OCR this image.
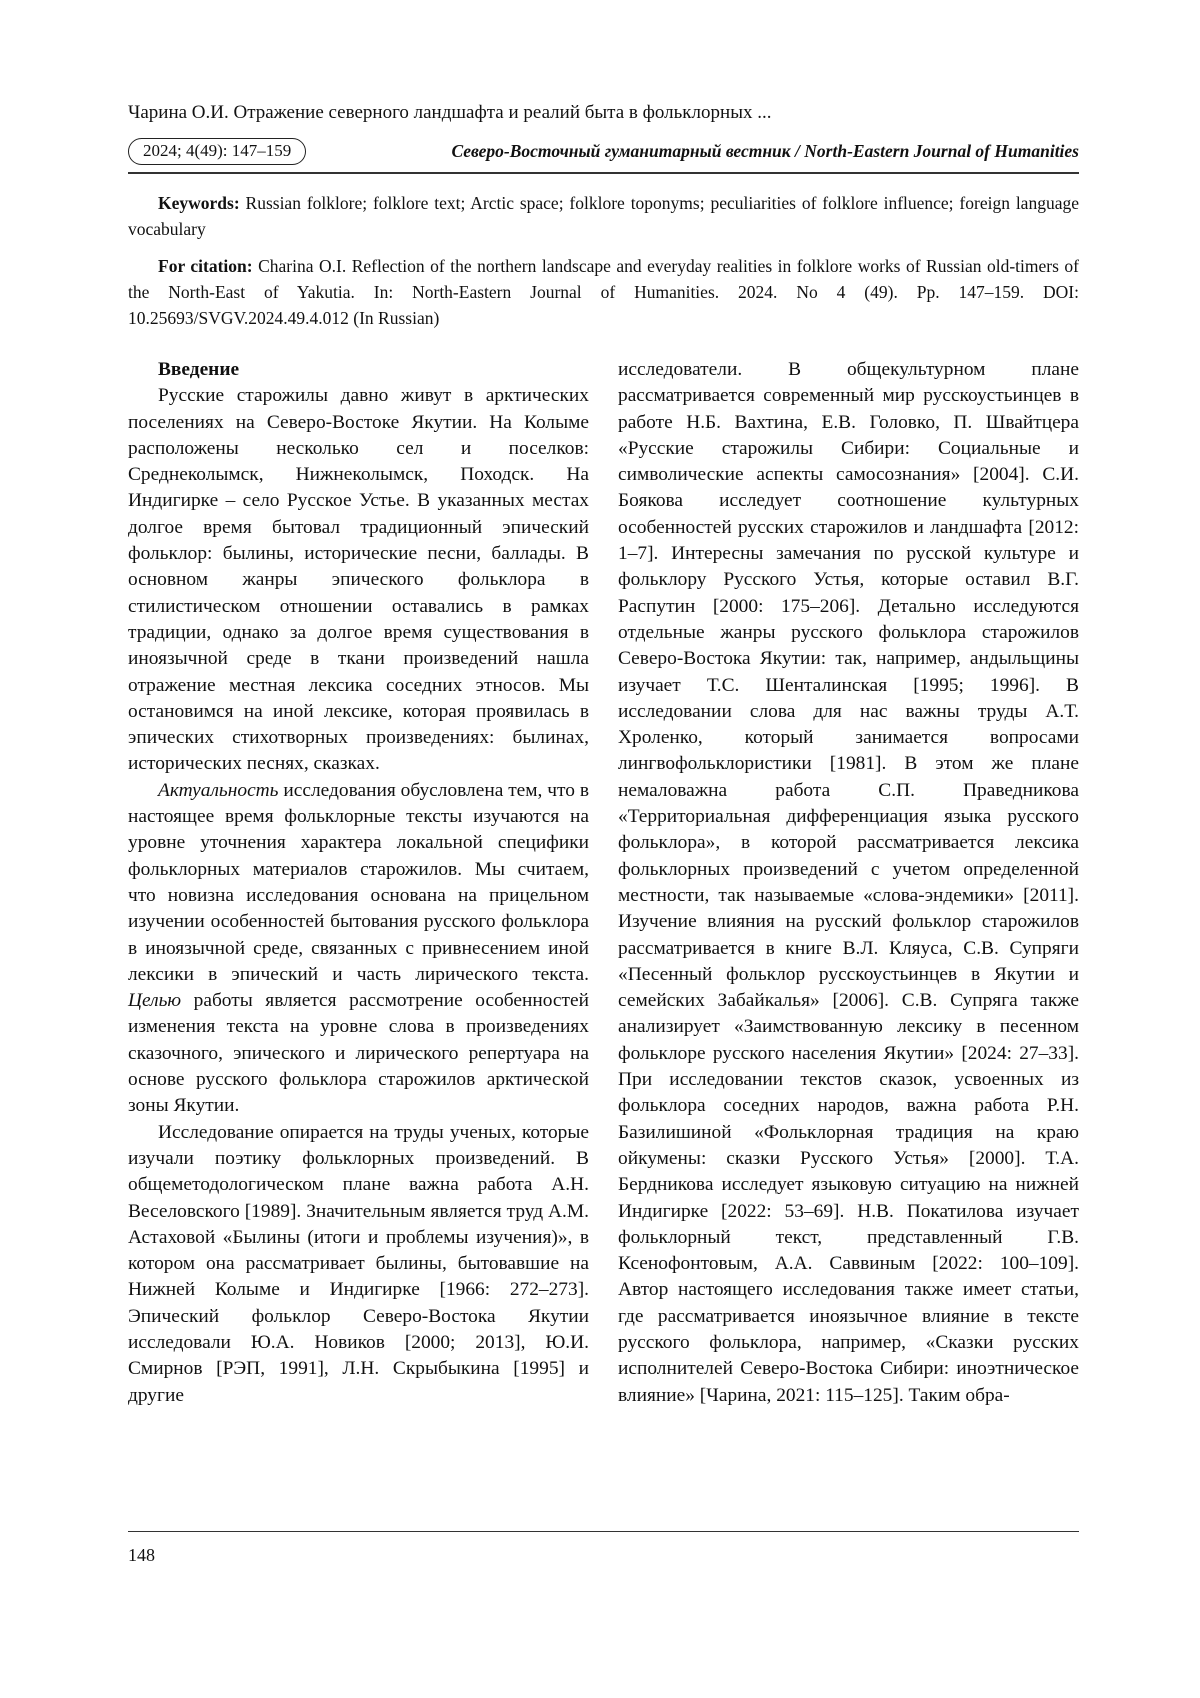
Чарина О.И. Отражение северного ландшафта и реалий быта в фольклорных ...
2024; 4(49): 147–159	Северо-Восточный гуманитарный вестник / North-Eastern Journal of Humanities
Keywords: Russian folklore; folklore text; Arctic space; folklore toponyms; peculiarities of folklore influence; foreign language vocabulary
For citation: Charina O.I. Reflection of the northern landscape and everyday realities in folklore works of Russian old-timers of the North-East of Yakutia. In: North-Eastern Journal of Humanities. 2024. No 4 (49). Pp. 147–159. DOI: 10.25693/SVGV.2024.49.4.012 (In Russian)

Введение

Русские старожилы давно живут в арктических поселениях на Северо-Востоке Якутии. На Колыме расположены несколько сел и поселков: Среднеколымск, Нижнеколымск, Походск. На Индигирке – село Русское Устье. В указанных местах долгое время бытовал традиционный эпический фольклор: былины, исторические песни, баллады. В основном жанры эпического фольклора в стилистическом отношении оставались в рамках традиции, однако за долгое время существования в иноязычной среде в ткани произведений нашла отражение местная лексика соседних этносов. Мы остановимся на иной лексике, которая проявилась в эпических стихотворных произведениях: былинах, исторических песнях, сказках.

Актуальность исследования обусловлена тем, что в настоящее время фольклорные тексты изучаются на уровне уточнения характера локальной специфики фольклорных материалов старожилов. Мы считаем, что новизна исследования основана на прицельном изучении особенностей бытования русского фольклора в иноязычной среде, связанных с привнесением иной лексики в эпический и часть лирического текста. Целью работы является рассмотрение особенностей изменения текста на уровне слова в произведениях сказочного, эпического и лирического репертуара на основе русского фольклора старожилов арктической зоны Якутии.

Исследование опирается на труды ученых, которые изучали поэтику фольклорных произведений. В общеметодологическом плане важна работа А.Н. Веселовского [1989]. Значительным является труд А.М. Астаховой «Былины (итоги и проблемы изучения)», в котором она рассматривает былины, бытовавшие на Нижней Колыме и Индигирке [1966: 272–273]. Эпический фольклор Северо-Востока Якутии исследовали Ю.А. Новиков [2000; 2013], Ю.И. Смирнов [РЭП, 1991], Л.Н. Скрыбыкина [1995] и другие

исследователи. В общекультурном плане рассматривается современный мир русскоустьинцев в работе Н.Б. Вахтина, Е.В. Головко, П. Швайтцера «Русские старожилы Сибири: Социальные и символические аспекты самосознания» [2004]. С.И. Боякова исследует соотношение культурных особенностей русских старожилов и ландшафта [2012: 1–7]. Интересны замечания по русской культуре и фольклору Русского Устья, которые оставил В.Г. Распутин [2000: 175–206]. Детально исследуются отдельные жанры русского фольклора старожилов Северо-Востока Якутии: так, например, андыльщины изучает Т.С. Шенталинская [1995; 1996]. В исследовании слова для нас важны труды А.Т. Хроленко, который занимается вопросами лингвофольклористики [1981]. В этом же плане немаловажна работа С.П. Праведникова «Территориальная дифференциация языка русского фольклора», в которой рассматривается лексика фольклорных произведений с учетом определенной местности, так называемые «слова-эндемики» [2011]. Изучение влияния на русский фольклор старожилов рассматривается в книге В.Л. Кляуса, С.В. Супряги «Песенный фольклор русскоустьинцев в Якутии и семейских Забайкалья» [2006]. С.В. Супряга также анализирует «Заимствованную лексику в песенном фольклоре русского населения Якутии» [2024: 27–33]. При исследовании текстов сказок, усвоенных из фольклора соседних народов, важна работа Р.Н. Базилишиной «Фольклорная традиция на краю ойкумены: сказки Русского Устья» [2000]. Т.А. Бердникова исследует языковую ситуацию на нижней Индигирке [2022: 53–69]. Н.В. Покатилова изучает фольклорный текст, представленный Г.В. Ксенофонтовым, А.А. Саввиным [2022: 100–109]. Автор настоящего исследования также имеет статьи, где рассматривается иноязычное влияние в тексте русского фольклора, например, «Сказки русских исполнителей Северо-Востока Сибири: иноэтническое влияние» [Чарина, 2021: 115–125]. Таким обра-

148
